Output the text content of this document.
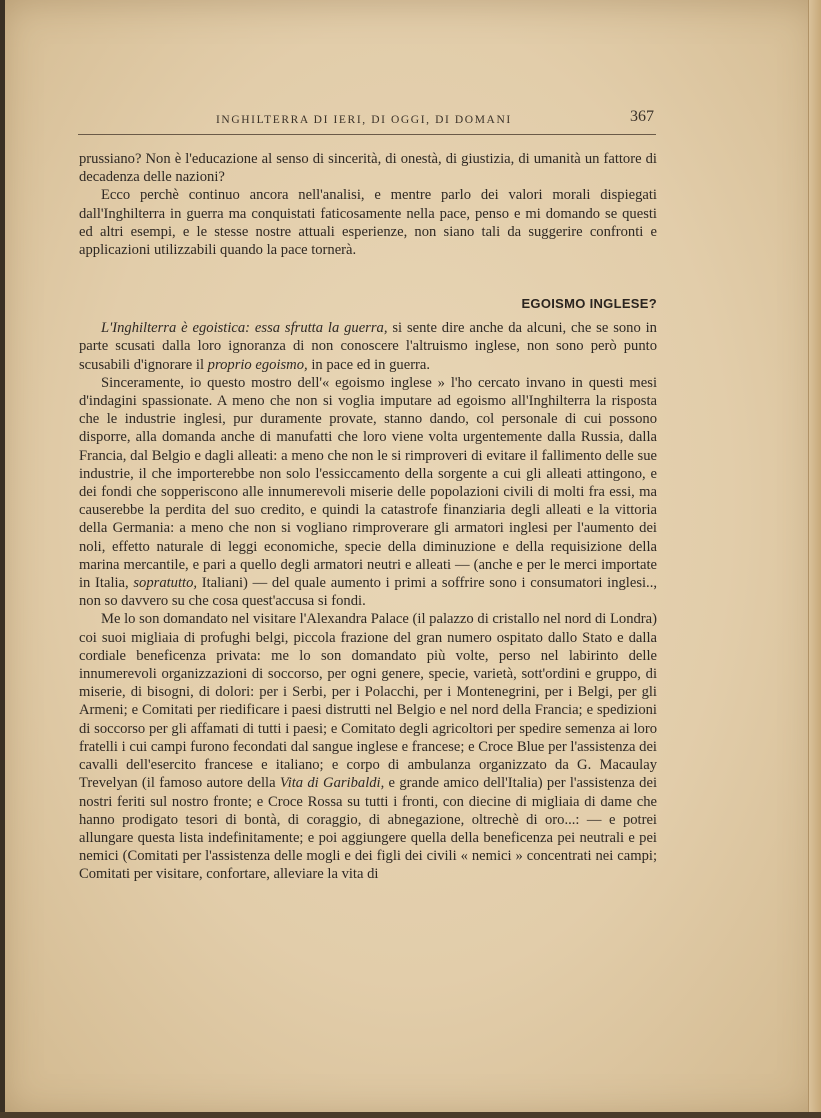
INGHILTERRA DI IERI, DI OGGI, DI DOMANI	367

prussiano? Non è l'educazione al senso di sincerità, di onestà, di giustizia, di umanità un fattore di decadenza delle nazioni?

Ecco perchè continuo ancora nell'analisi, e mentre parlo dei valori morali dispiegati dall'Inghilterra in guerra ma conquistati faticosamente nella pace, penso e mi domando se questi ed altri esempi, e le stesse nostre attuali esperienze, non siano tali da suggerire confronti e applicazioni utilizzabili quando la pace tornerà.

EGOISMO INGLESE?

L'Inghilterra è egoistica: essa sfrutta la guerra, si sente dire anche da alcuni, che se sono in parte scusati dalla loro ignoranza di non conoscere l'altruismo inglese, non sono però punto scusabili d'ignorare il proprio egoismo, in pace ed in guerra.

Sinceramente, io questo mostro dell'« egoismo inglese » l'ho cercato invano in questi mesi d'indagini spassionate. A meno che non si voglia imputare ad egoismo all'Inghilterra la risposta che le industrie inglesi, pur duramente provate, stanno dando, col personale di cui possono disporre, alla domanda anche di manufatti che loro viene volta urgentemente dalla Russia, dalla Francia, dal Belgio e dagli alleati: a meno che non le si rimproveri di evitare il fallimento delle sue industrie, il che importerebbe non solo l'essiccamento della sorgente a cui gli alleati attingono, e dei fondi che sopperiscono alle innumerevoli miserie delle popolazioni civili di molti fra essi, ma causerebbe la perdita del suo credito, e quindi la catastrofe finanziaria degli alleati e la vittoria della Germania: a meno che non si vogliano rimproverare gli armatori inglesi per l'aumento dei noli, effetto naturale di leggi economiche, specie della diminuzione e della requisizione della marina mercantile, e pari a quello degli armatori neutri e alleati — (anche e per le merci importate in Italia, sopratutto, Italiani) — del quale aumento i primi a soffrire sono i consumatori inglesi.., non so davvero su che cosa quest'accusa si fondi.

Me lo son domandato nel visitare l'Alexandra Palace (il palazzo di cristallo nel nord di Londra) coi suoi migliaia di profughi belgi, piccola frazione del gran numero ospitato dallo Stato e dalla cordiale beneficenza privata: me lo son domandato più volte, perso nel labirinto delle innumerevoli organizzazioni di soccorso, per ogni genere, specie, varietà, sott'ordini e gruppo, di miserie, di bisogni, di dolori: per i Serbi, per i Polacchi, per i Montenegrini, per i Belgi, per gli Armeni; e Comitati per riedificare i paesi distrutti nel Belgio e nel nord della Francia; e spedizioni di soccorso per gli affamati di tutti i paesi; e Comitato degli agricoltori per spedire semenza ai loro fratelli i cui campi furono fecondati dal sangue inglese e francese; e Croce Blue per l'assistenza dei cavalli dell'esercito francese e italiano; e corpo di ambulanza organizzato da G. Macaulay Trevelyan (il famoso autore della Vita di Garibaldi, e grande amico dell'Italia) per l'assistenza dei nostri feriti sul nostro fronte; e Croce Rossa su tutti i fronti, con diecine di migliaia di dame che hanno prodigato tesori di bontà, di coraggio, di abnegazione, oltrechè di oro...: — e potrei allungare questa lista indefinitamente; e poi aggiungere quella della beneficenza pei neutrali e pei nemici (Comitati per l'assistenza delle mogli e dei figli dei civili « nemici » concentrati nei campi; Comitati per visitare, confortare, alleviare la vita di
